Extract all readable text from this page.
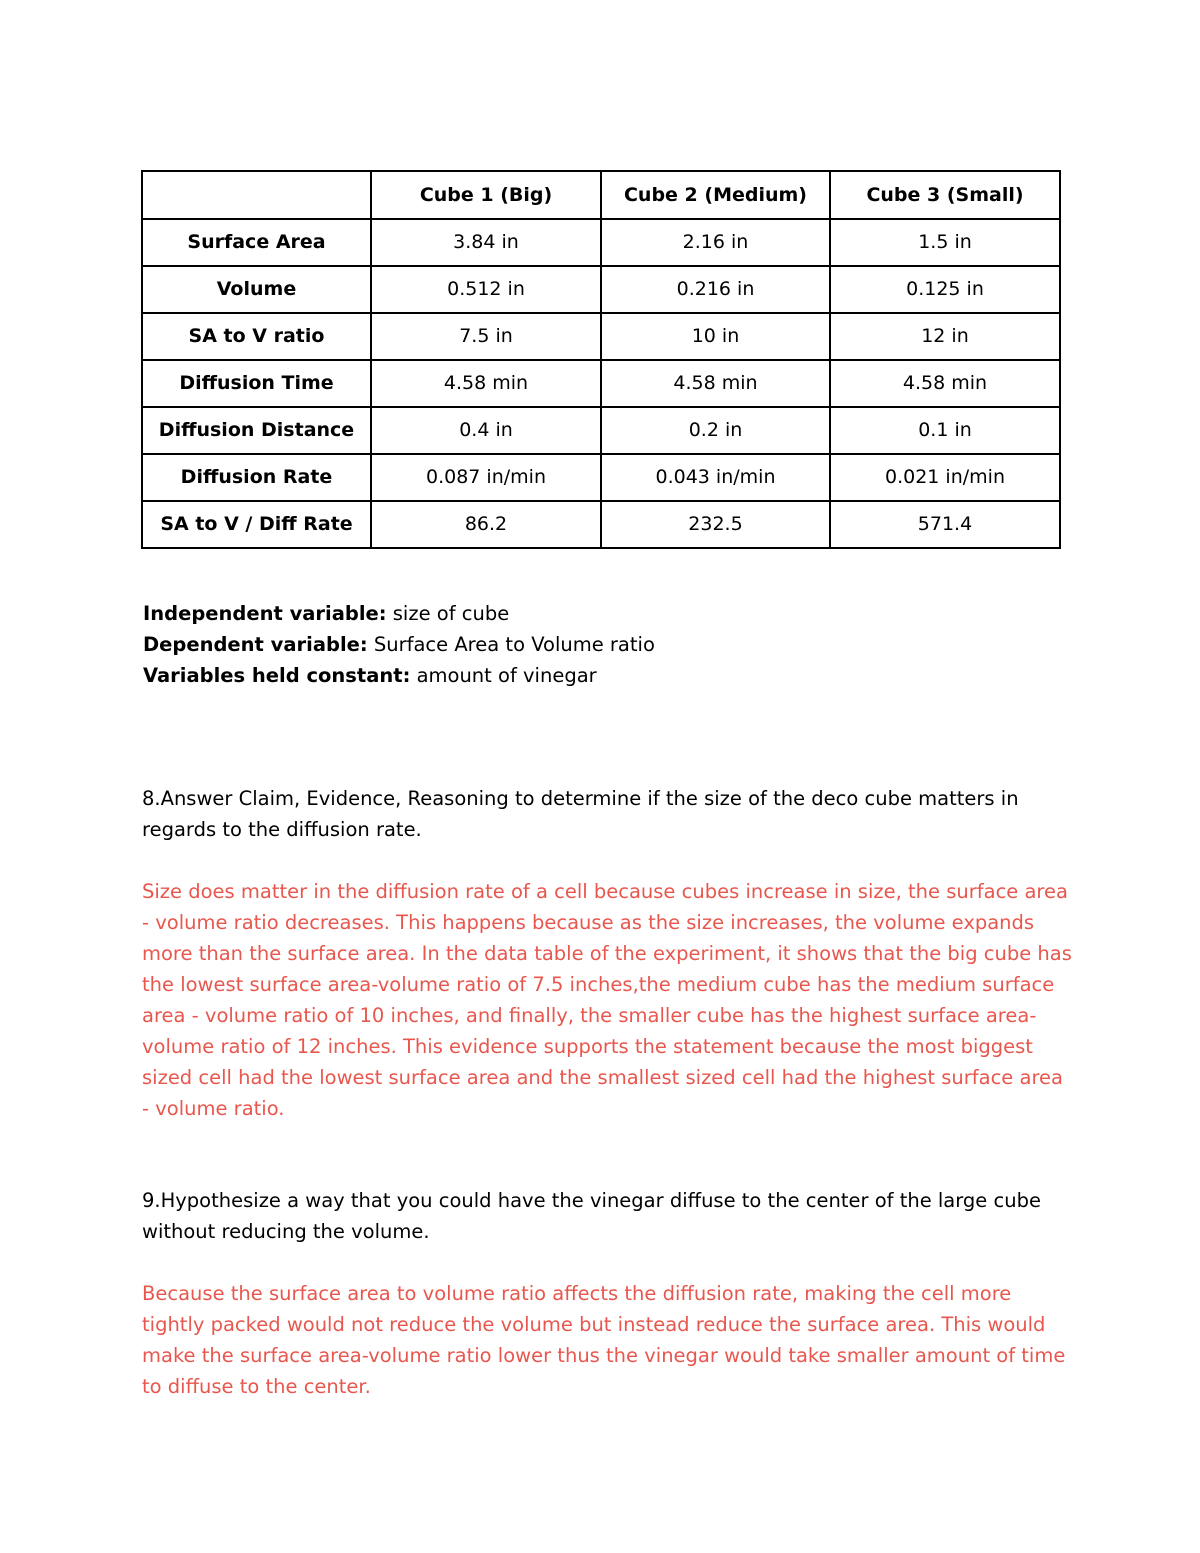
	Cube 1 (Big)	Cube 2 (Medium)	Cube 3 (Small)
Surface Area	3.84 in	2.16 in	1.5 in
Volume	0.512 in	0.216 in	0.125 in
SA to V ratio	7.5 in	10 in	12 in
Diffusion Time	4.58 min	4.58 min	4.58 min
Diffusion Distance	0.4 in	0.2 in	0.1 in
Diffusion Rate	0.087 in/min	0.043 in/min	0.021 in/min
SA to V / Diff Rate	86.2	232.5	571.4
Independent variable: size of cube
Dependent variable: Surface Area to Volume ratio
Variables held constant: amount of vinegar
8.Answer Claim, Evidence, Reasoning to determine if the size of the deco cube matters in regards to the diffusion rate.
Size does matter in the diffusion rate of a cell because cubes increase in size, the surface area - volume ratio decreases. This happens because as the size increases, the volume expands more than the surface area. In the data table of the experiment, it shows that the big cube has the lowest surface area-volume ratio of 7.5 inches,the medium cube has the medium surface area - volume ratio of 10 inches, and finally, the smaller cube has the highest surface area-volume ratio of 12 inches. This evidence supports the statement because the most biggest sized cell had the lowest surface area and the smallest sized cell had the highest surface area - volume ratio.
9.Hypothesize a way that you could have the vinegar diffuse to the center of the large cube without reducing the volume.
Because the surface area to volume ratio affects the diffusion rate, making the cell more tightly packed would not reduce the volume but instead reduce the surface area. This would make the surface area-volume ratio lower thus the vinegar would take smaller amount of time to diffuse to the center.
